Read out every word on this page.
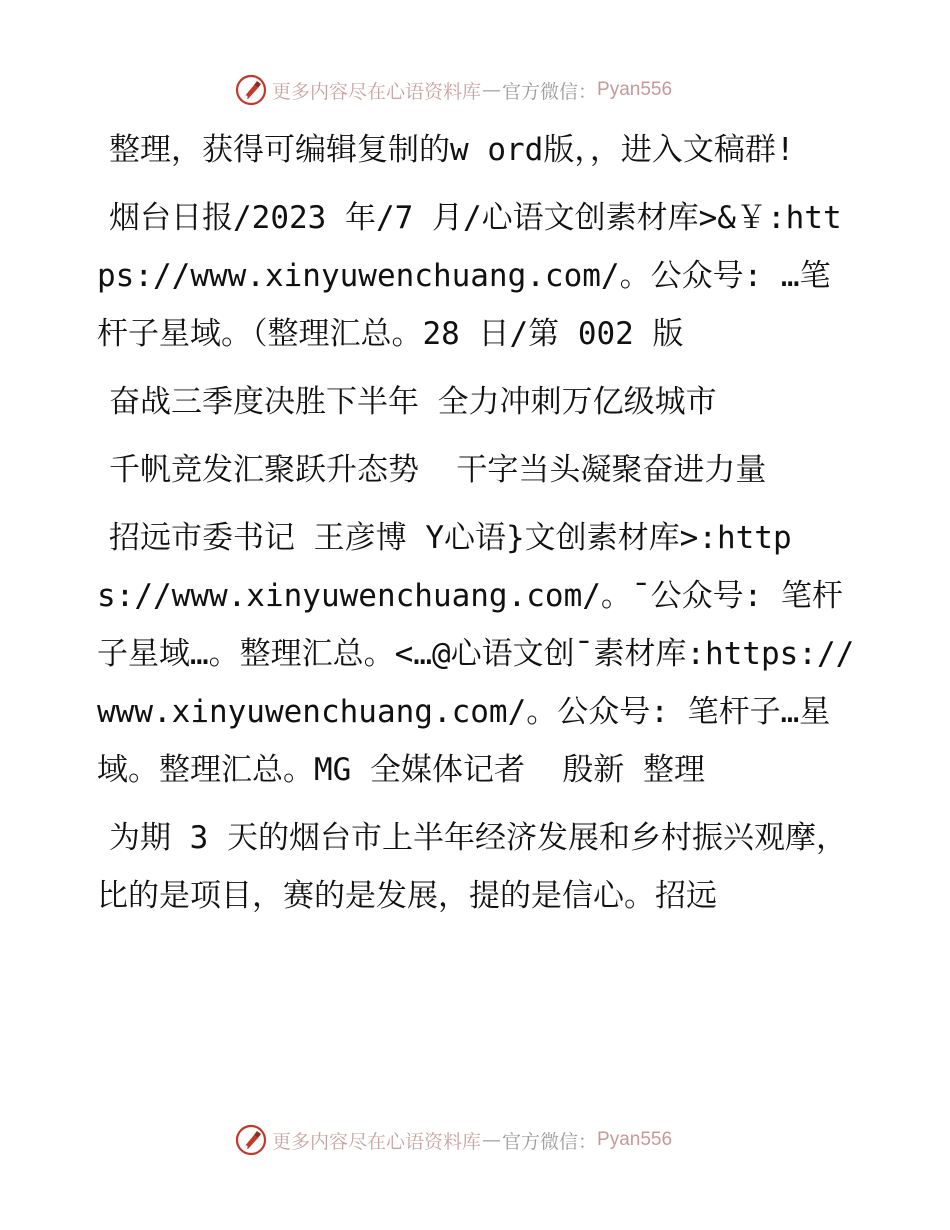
更多内容尽在心语资料库 — 官方微信： Pyan556

整理，获得可编辑复制的w ord版，，进入文稿群!

烟台日报/2023 年/7 月/心语文创素材库>&￥:https://www.xinyuwenchuang.com/。公众号: …笔杆子星域。（整理汇总。28 日/第 002 版

奋战三季度决胜下半年 全力冲刺万亿级城市

千帆竞发汇聚跃升态势  干字当头凝聚奋进力量

招远市委书记 王彦博 Y心语}文创素材库>:https://www.xinyuwenchuang.com/。¯公众号: 笔杆子星域…。整理汇总。<…@心语文创¯素材库:https://www.xinyuwenchuang.com/。公众号: 笔杆子…星域。整理汇总。MG 全媒体记者  殷新 整理

为期 3 天的烟台市上半年经济发展和乡村振兴观摩，比的是项目，赛的是发展，提的是信心。招远

更多内容尽在心语资料库 — 官方微信： Pyan556
